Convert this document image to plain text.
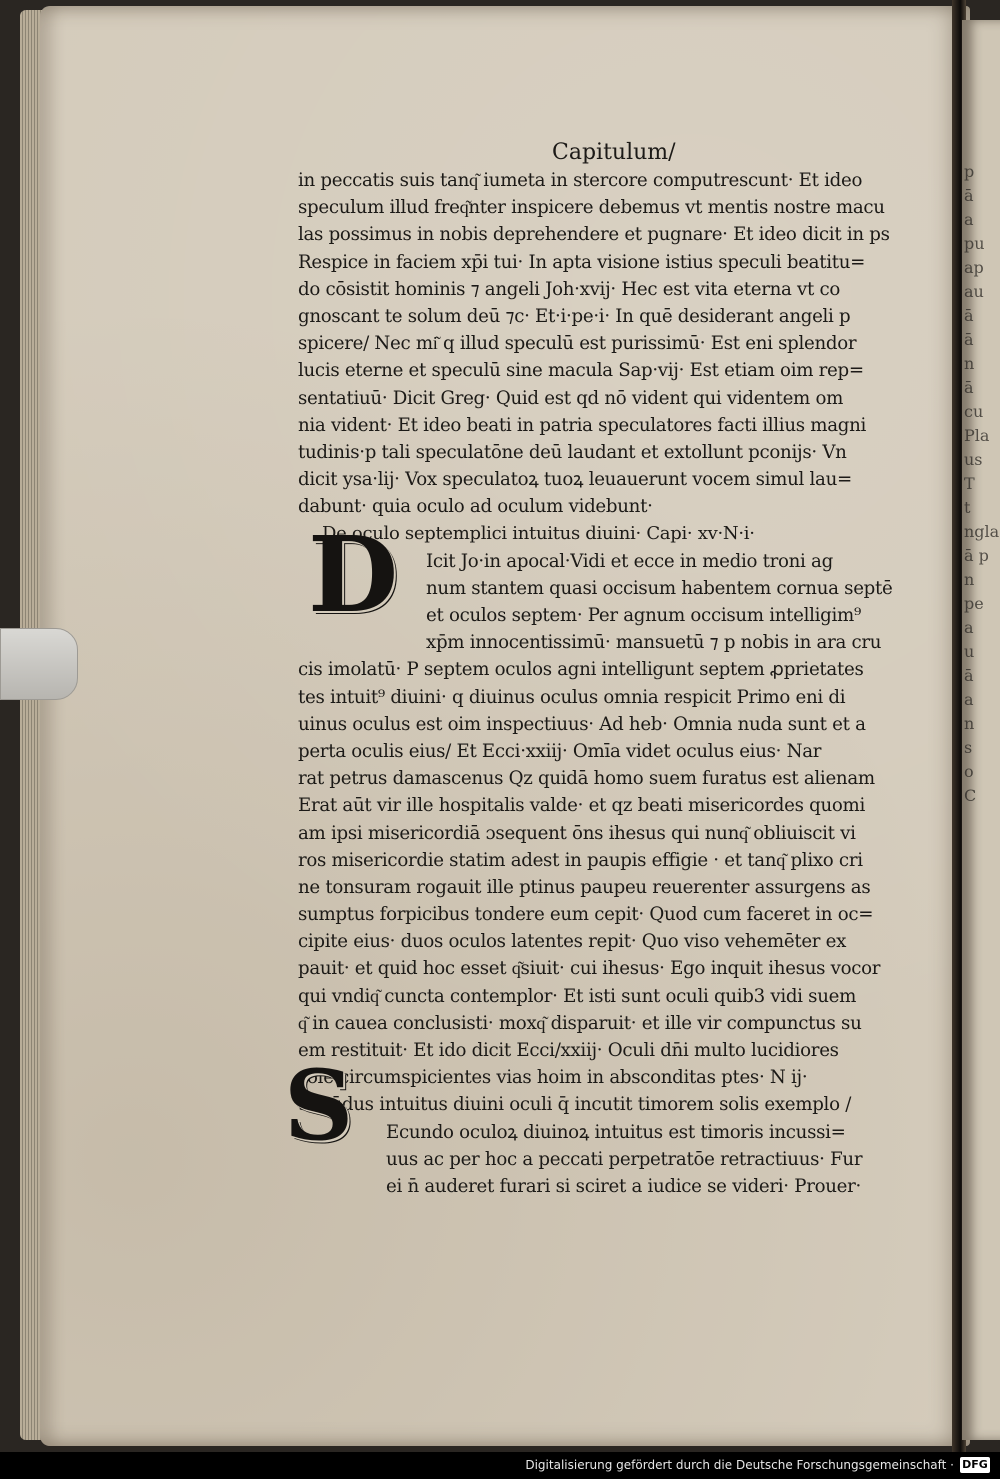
p
ā
a
pu
ap
au
ā
ā
n
ā
cu
Pla
us
T
t
ngla
ā p
n
pe
a
u
ā
a
n
s
o
C
Capitulum/
in peccatis suis tanq͂ iumeta in stercore computrescunt· Et ideo
speculum illud freq͂nter inspicere debemus vt mentis nostre macu
las possimus in nobis deprehendere et pugnare· Et ideo dicit in ps
Respice in faciem xp̄i tui· In apta visione istius speculi beatitu=
do cōsistit hominis ⁊ angeli Joh·xvij· Hec est vita eterna vt co
gnoscant te solum deū ⁊c· Et·i·pe·i· In quē desiderant angeli p
spicere/ Nec mi͂ q illud speculū est purissimū· Est eni splendor
lucis eterne et speculū sine macula Sap·vij· Est etiam oim rep=
sentatiuū· Dicit Greg· Quid est qd nō vident qui videntem om
nia vident· Et ideo beati in patria speculatores facti illius magni
tudinis·p tali speculatōne deū laudant et extollunt pconijs· Vn
dicit ysa·lij· Vox speculatoꝝ tuoꝝ leuauerunt vocem simul lau=
dabunt· quia oculo ad oculum videbunt·
De oculo septemplici intuitus diuini· Capi· xv·N·i·
Icit Jo·in apocal·Vidi et ecce in medio troni ag
num stantem quasi occisum habentem cornua septē
et oculos septem· Per agnum occisum intelligim⁹
xp̄m innocentissimū· mansuetū ⁊ p nobis in ara cru
cis imolatū· P septem oculos agni intelligunt septem ꝓprietates
tes intuit⁹ diuini· q diuinus oculus omnia respicit Primo eni di
uinus oculus est oim inspectiuus· Ad heb· Omnia nuda sunt et a
perta oculis eius/ Et Ecci·xxiij· Omīa videt oculus eius· Nar
rat petrus damascenus Qz quidā homo suem furatus est alienam
Erat aūt vir ille hospitalis valde· et qz beati misericordes quomi
am ipsi misericordiā ɔsequent ōns ihesus qui nunq͂ obliuiscit vi
ros misericordie statim adest in paupis effigie · et tanq͂ plixo cri
ne tonsuram rogauit ille ptinus paupeu reuerenter assurgens as
sumptus forpicibus tondere eum cepit· Quod cum faceret in oc=
cipite eius· duos oculos latentes repit· Quo viso vehemēter ex
pauit· et quid hoc esset q͂siuit· cui ihesus· Ego inquit ihesus vocor
qui vndiq͂ cuncta contemplor· Et isti sunt oculi quib3 vidi suem
q͂ in cauea conclusisti· moxq͂ disparuit· et ille vir compunctus su
em restituit· Et ido dicit Ecci/xxiij· Oculi dn̄i multo lucidiores
sole circumspicientes vias hoim in absconditas ptes· N ij·
Secūdus intuitus diuini oculi q̄ incutit timorem solis exemplo /
Ecundo oculoꝝ diuinoꝝ intuitus est timoris incussi=
uus ac per hoc a peccati perpetratōe retractiuus· Fur
ei n̄ auderet furari si sciret a iudice se videri· Prouer·
D
S
Digitalisierung gefördert durch die Deutsche Forschungsgemeinschaft · DFG
